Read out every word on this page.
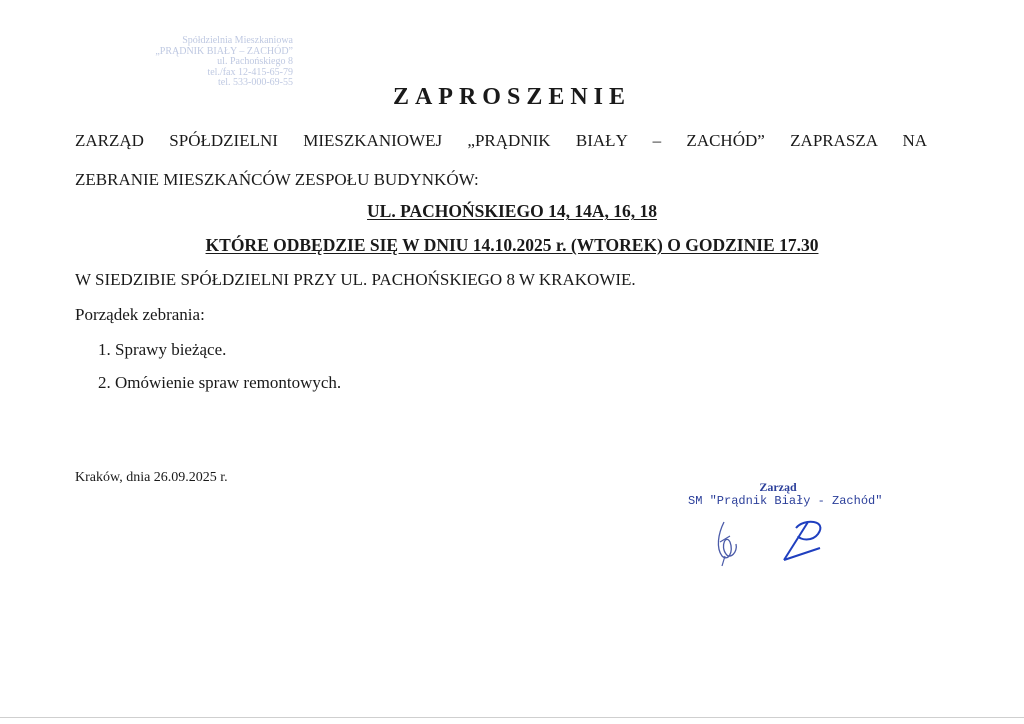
Spółdzielnia Mieszkaniowa
„PRĄDNIK BIAŁY – ZACHÓD”
ul. Pachońskiego 8
tel./fax 12-415-65-79
tel. 533-000-69-55
ZAPROSZENIE
ZARZĄD SPÓŁDZIELNI MIESZKANIOWEJ „PRĄDNIK BIAŁY – ZACHÓD” ZAPRASZA NA
ZEBRANIE MIESZKAŃCÓW ZESPOŁU BUDYNKÓW:
UL. PACHOŃSKIEGO 14, 14A, 16, 18
KTÓRE ODBĘDZIE SIĘ W DNIU 14.10.2025 r. (WTOREK) O GODZINIE 17.30
W SIEDZIBIE SPÓŁDZIELNI PRZY UL. PACHOŃSKIEGO 8 W KRAKOWIE.
Porządek zebrania:
1. Sprawy bieżące.
2. Omówienie spraw remontowych.
Kraków, dnia 26.09.2025 r.
Zarząd
SM "Prądnik Biały - Zachód"
